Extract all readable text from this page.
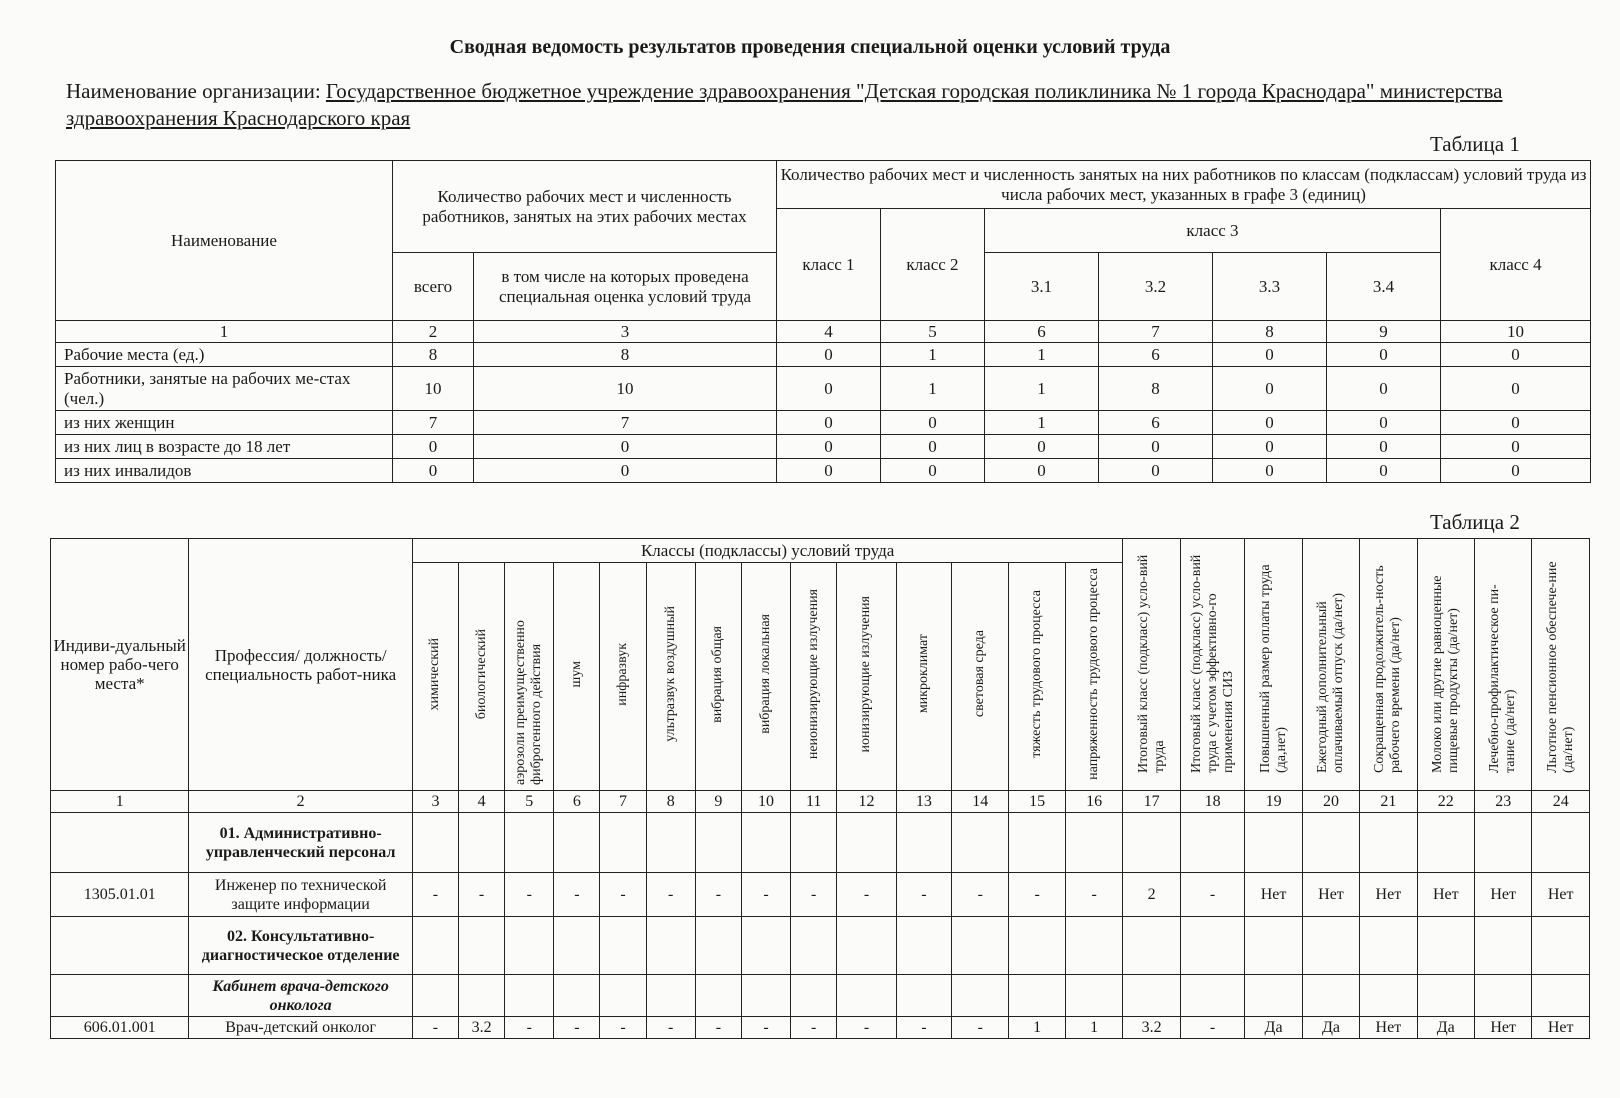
Сводная ведомость результатов проведения специальной оценки условий труда
Наименование организации: Государственное бюджетное учреждение здравоохранения "Детская городская поликлиника № 1 города Краснодара" министерства здравоохранения Краснодарского края
Таблица 1
Наименование	Количество рабочих мест и численность работников, занятых на этих рабочих местах		Количество рабочих мест и численность занятых на них работников по классам (подклассам) условий труда из числа рабочих мест, указанных в графе 3 (единиц)						
			класс 1	класс 2	класс 3				класс 4
	всего	в том числе на которых проведена специальная оценка условий труда			3.1	3.2	3.3	3.4	
1	2	3	4	5	6	7	8	9	10
Рабочие места (ед.)	8	8	0	1	1	6	0	0	0
Работники, занятые на рабочих ме-стах (чел.)	10	10	0	1	1	8	0	0	0
из них женщин	7	7	0	0	1	6	0	0	0
из них лиц в возрасте до 18 лет	0	0	0	0	0	0	0	0	0
из них инвалидов	0	0	0	0	0	0	0	0	0
Таблица 2
Индиви-дуальный номер рабо-чего места*	Профессия/ должность/ специальность работ-ника	Классы (подклассы) условий труда														Итоговый класс (подкласс) усло-вий труда	Итоговый класс (подкласс) усло-вий труда с учетом эффективно-го применения СИЗ	Повышенный размер оплаты труда (да,нет)	Ежегодный дополнительный оплачиваемый отпуск (да/нет)	Сокращенная продолжитель-ность рабочего времени (да/нет)	Молоко или другие равноценные пищевые продукты (да/нет)	Лечебно-профилактическое пи-тание (да/нет)	Льготное пенсионное обеспече-ние (да/нет)
		химический	биологический	аэрозоли преимущественно фиброгенного действия	шум	инфразвук	ультразвук воздушный	вибрация общая	вибрация локальная	неионизирующие излучения	ионизирующие излучения	микроклимат	световая среда	тяжесть трудового процесса	напряженность трудового процесса								
1	2	3	4	5	6	7	8	9	10	11	12	13	14	15	16	17	18	19	20	21	22	23	24
	01. Административно-управленческий персонал																						
1305.01.01	Инженер по технической защите информации	-	-	-	-	-	-	-	-	-	-	-	-	-	-	2	-	Нет	Нет	Нет	Нет	Нет	Нет
	02. Консультативно-диагностическое отделение																						
	Кабинет врача-детского онколога																						
606.01.001	Врач-детский онколог	-	3.2	-	-	-	-	-	-	-	-	-	-	1	1	3.2	-	Да	Да	Нет	Да	Нет	Нет
